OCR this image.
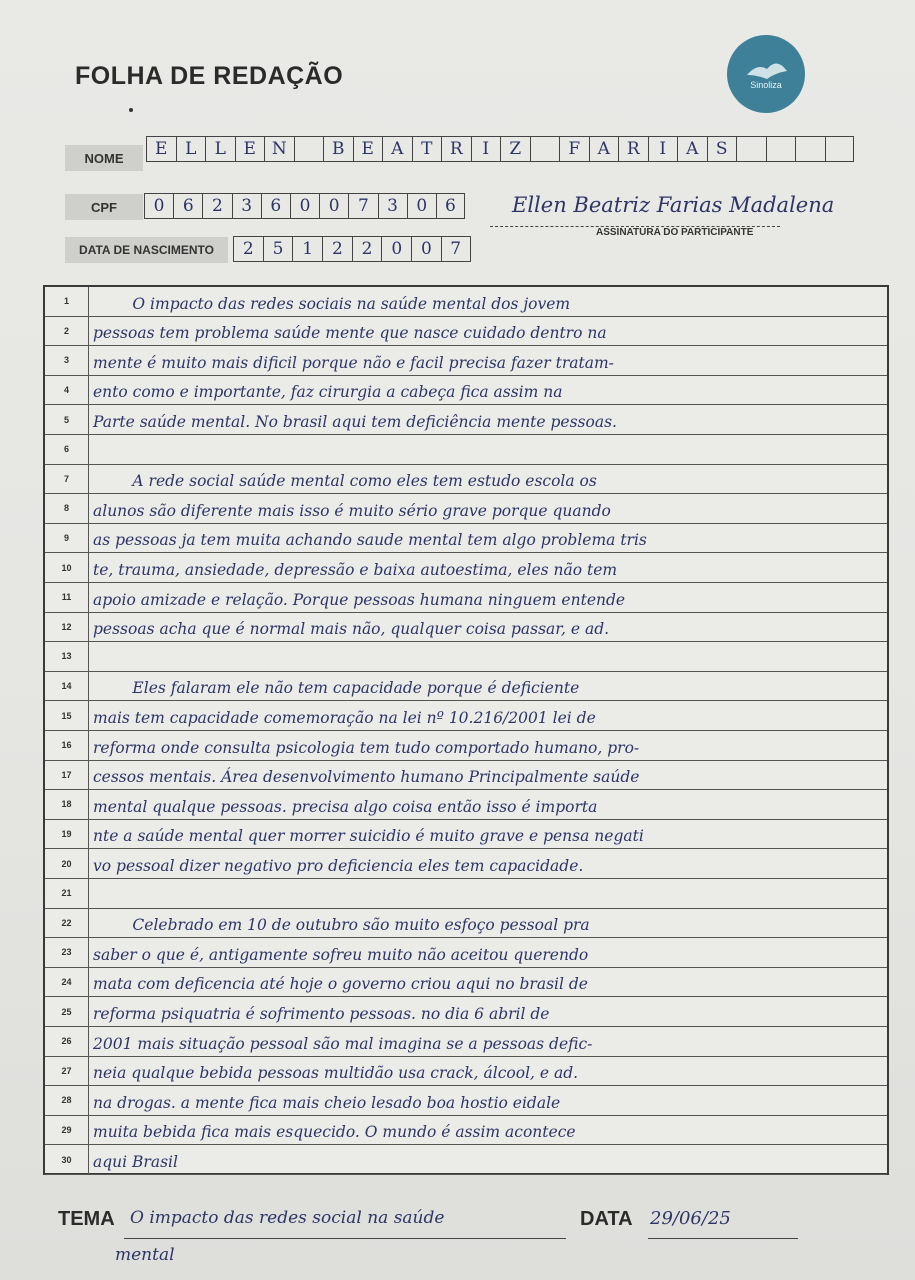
FOLHA DE REDAÇÃO	Sinoliza
NOME	E	L	L	E N	B	E	A	T	R	I	Z	F	A R	I	A	S
CPF	0	6	2	3	6	0	0	7	3	0	6
DATA DE NASCIMENTO	2	5	1	2	2	0	0	7
Ellen Beatriz Farias Madalena
ASSINATURA DO PARTICIPANTE
1	O impacto das redes sociais na saúde mental dos jovem
2	pessoas tem problema saúde mente que nasce cuidado dentro na
3	mente é muito mais dificil porque não e facil precisa fazer tratam-
4	ento como e importante, faz cirurgia a cabeça fica assim na
5	Parte saúde mental. No brasil aqui tem deficiência mente pessoas.
6
7	A rede social saúde mental como eles tem estudo escola os
8	alunos são diferente mais isso é muito sério grave porque quando
9	as pessoas ja tem muita achando saude mental tem algo problema tris
10	te, trauma, ansiedade, depressão e baixa autoestima, eles não tem
11	apoio amizade e relação. Porque pessoas humana ninguem entende
12	pessoas acha que é normal mais não, qualquer coisa passar, e ad.
13
14	Eles falaram ele não tem capacidade porque é deficiente
15	mais tem capacidade comemoração na lei nº 10.216/2001 lei de
16	reforma onde consulta psicologia tem tudo comportado humano, pro-
17	cessos mentais. Área desenvolvimento humano Principalmente saúde
18	mental qualque pessoas. precisa algo coisa então isso é importa
19	nte a saúde mental quer morrer suicidio é muito grave e pensa negati
20	vo pessoal dizer negativo pro deficiencia eles tem capacidade.
21
22	Celebrado em 10 de outubro são muito esfoço pessoal pra
23	saber o que é, antigamente sofreu muito não aceitou querendo
24	mata com deficencia até hoje o governo criou aqui no brasil de
25	reforma psiquatria é sofrimento pessoas. no dia 6 abril de
26	2001 mais situação pessoal são mal imagina se a pessoas defic-
27	neia qualque bebida pessoas multidão usa crack, álcool, e ad.
28	na drogas. a mente fica mais cheio lesado boa hostio eidale
29	muita bebida fica mais esquecido. O mundo é assim acontece
30	aqui Brasil
TEMA O impacto das redes social na saúde
mental
DATA 29/06/25
